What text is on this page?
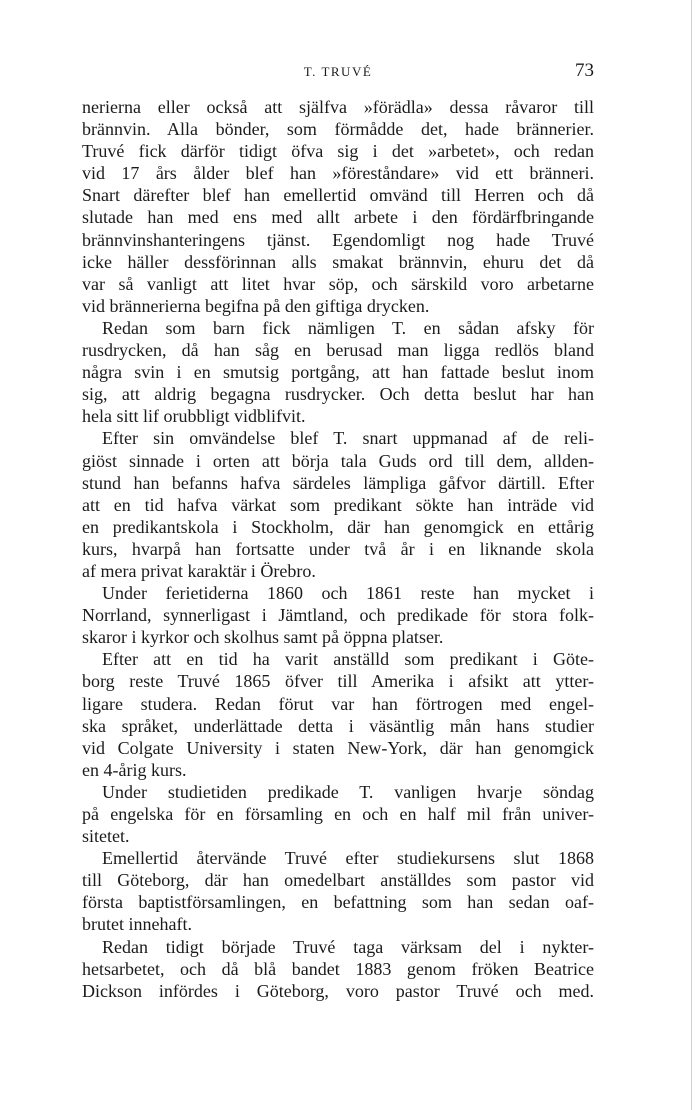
T. TRUVÉ	73
nerierna eller också att själfva »förädla» dessa råvaror till
brännvin. Alla bönder, som förmådde det, hade brännerier.
Truvé fick därför tidigt öfva sig i det »arbetet», och redan
vid 17 års ålder blef han »föreståndare» vid ett bränneri.
Snart därefter blef han emellertid omvänd till Herren och då
slutade han med ens med allt arbete i den fördärfbringande
brännvinshanteringens tjänst. Egendomligt nog hade Truvé
icke häller dessförinnan alls smakat brännvin, ehuru det då
var så vanligt att litet hvar söp, och särskild voro arbetarne
vid brännerierna begifna på den giftiga drycken.
Redan som barn fick nämligen T. en sådan afsky för
rusdrycken, då han såg en berusad man ligga redlös bland
några svin i en smutsig portgång, att han fattade beslut inom
sig, att aldrig begagna rusdrycker. Och detta beslut har han
hela sitt lif orubbligt vidblifvit.
Efter sin omvändelse blef T. snart uppmanad af de reli-
giöst sinnade i orten att börja tala Guds ord till dem, allden-
stund han befanns hafva särdeles lämpliga gåfvor därtill. Efter
att en tid hafva värkat som predikant sökte han inträde vid
en predikantskola i Stockholm, där han genomgick en ettårig
kurs, hvarpå han fortsatte under två år i en liknande skola
af mera privat karaktär i Örebro.
Under ferietiderna 1860 och 1861 reste han mycket i
Norrland, synnerligast i Jämtland, och predikade för stora folk-
skaror i kyrkor och skolhus samt på öppna platser.
Efter att en tid ha varit anställd som predikant i Göte-
borg reste Truvé 1865 öfver till Amerika i afsikt att ytter-
ligare studera. Redan förut var han förtrogen med engel-
ska språket, underlättade detta i väsäntlig mån hans studier
vid Colgate University i staten New-York, där han genomgick
en 4-årig kurs.
Under studietiden predikade T. vanligen hvarje söndag
på engelska för en församling en och en half mil från univer-
sitetet.
Emellertid återvände Truvé efter studiekursens slut 1868
till Göteborg, där han omedelbart anställdes som pastor vid
första baptistförsamlingen, en befattning som han sedan oaf-
brutet innehaft.
Redan tidigt började Truvé taga värksam del i nykter-
hetsarbetet, och då blå bandet 1883 genom fröken Beatrice
Dickson infördes i Göteborg, voro pastor Truvé och med.
